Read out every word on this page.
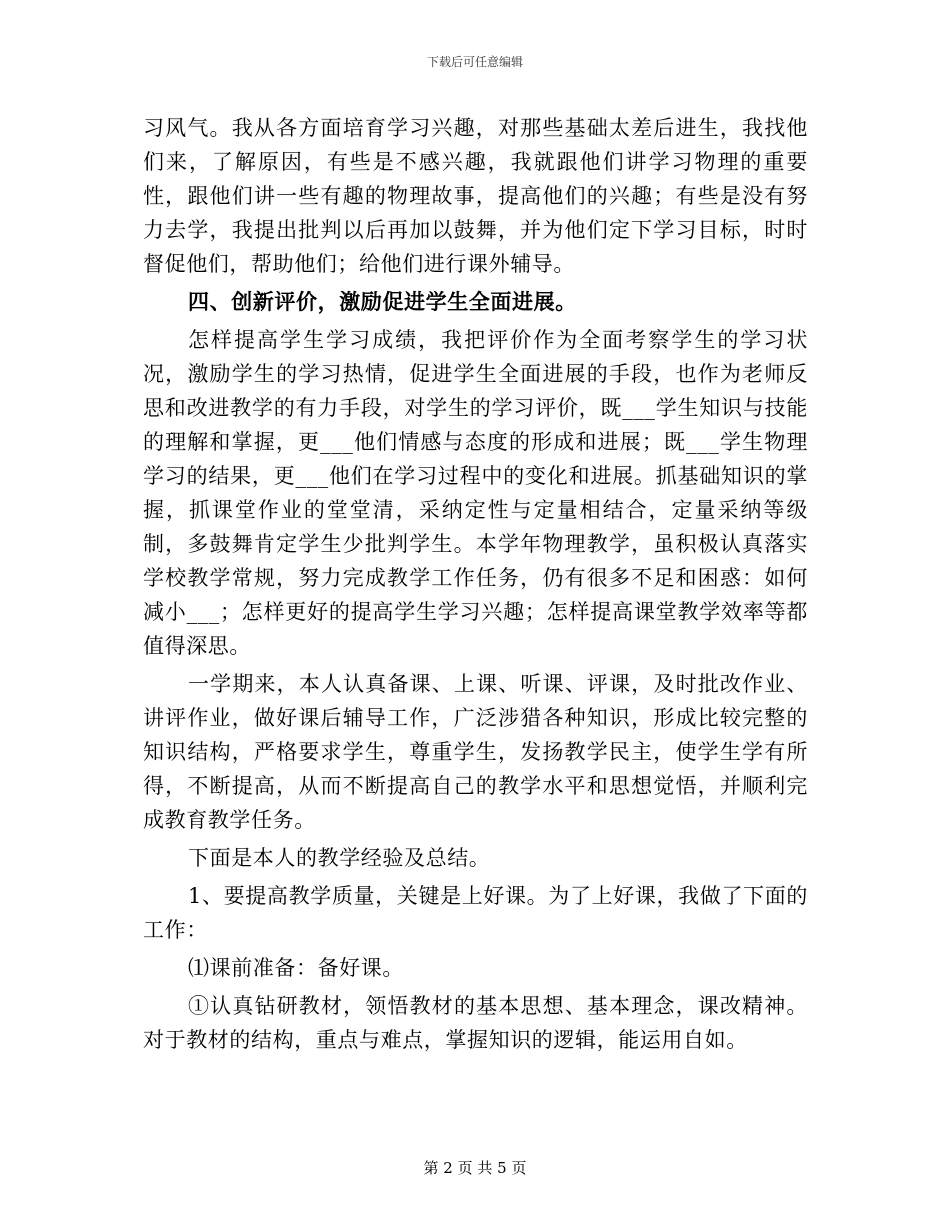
下载后可任意编辑

习风气。我从各方面培育学习兴趣，对那些基础太差后进生，我找他们来，了解原因，有些是不感兴趣，我就跟他们讲学习物理的重要性，跟他们讲一些有趣的物理故事，提高他们的兴趣；有些是没有努力去学，我提出批判以后再加以鼓舞，并为他们定下学习目标，时时督促他们，帮助他们；给他们进行课外辅导。

四、创新评价，激励促进学生全面进展。

怎样提高学生学习成绩，我把评价作为全面考察学生的学习状况，激励学生的学习热情，促进学生全面进展的手段，也作为老师反思和改进教学的有力手段，对学生的学习评价，既___学生知识与技能的理解和掌握，更___他们情感与态度的形成和进展；既___学生物理学习的结果，更___他们在学习过程中的变化和进展。抓基础知识的掌握，抓课堂作业的堂堂清，采纳定性与定量相结合，定量采纳等级制，多鼓舞肯定学生少批判学生。本学年物理教学，虽积极认真落实学校教学常规，努力完成教学工作任务，仍有很多不足和困惑：如何减小___；怎样更好的提高学生学习兴趣；怎样提高课堂教学效率等都值得深思。

一学期来，本人认真备课、上课、听课、评课，及时批改作业、讲评作业，做好课后辅导工作，广泛涉猎各种知识，形成比较完整的知识结构，严格要求学生，尊重学生，发扬教学民主，使学生学有所得，不断提高，从而不断提高自己的教学水平和思想觉悟，并顺利完成教育教学任务。

下面是本人的教学经验及总结。

1、要提高教学质量，关键是上好课。为了上好课，我做了下面的工作：

⑴课前准备：备好课。

①认真钻研教材，领悟教材的基本思想、基本理念，课改精神。对于教材的结构，重点与难点，掌握知识的逻辑，能运用自如。

第 2 页 共 5 页
